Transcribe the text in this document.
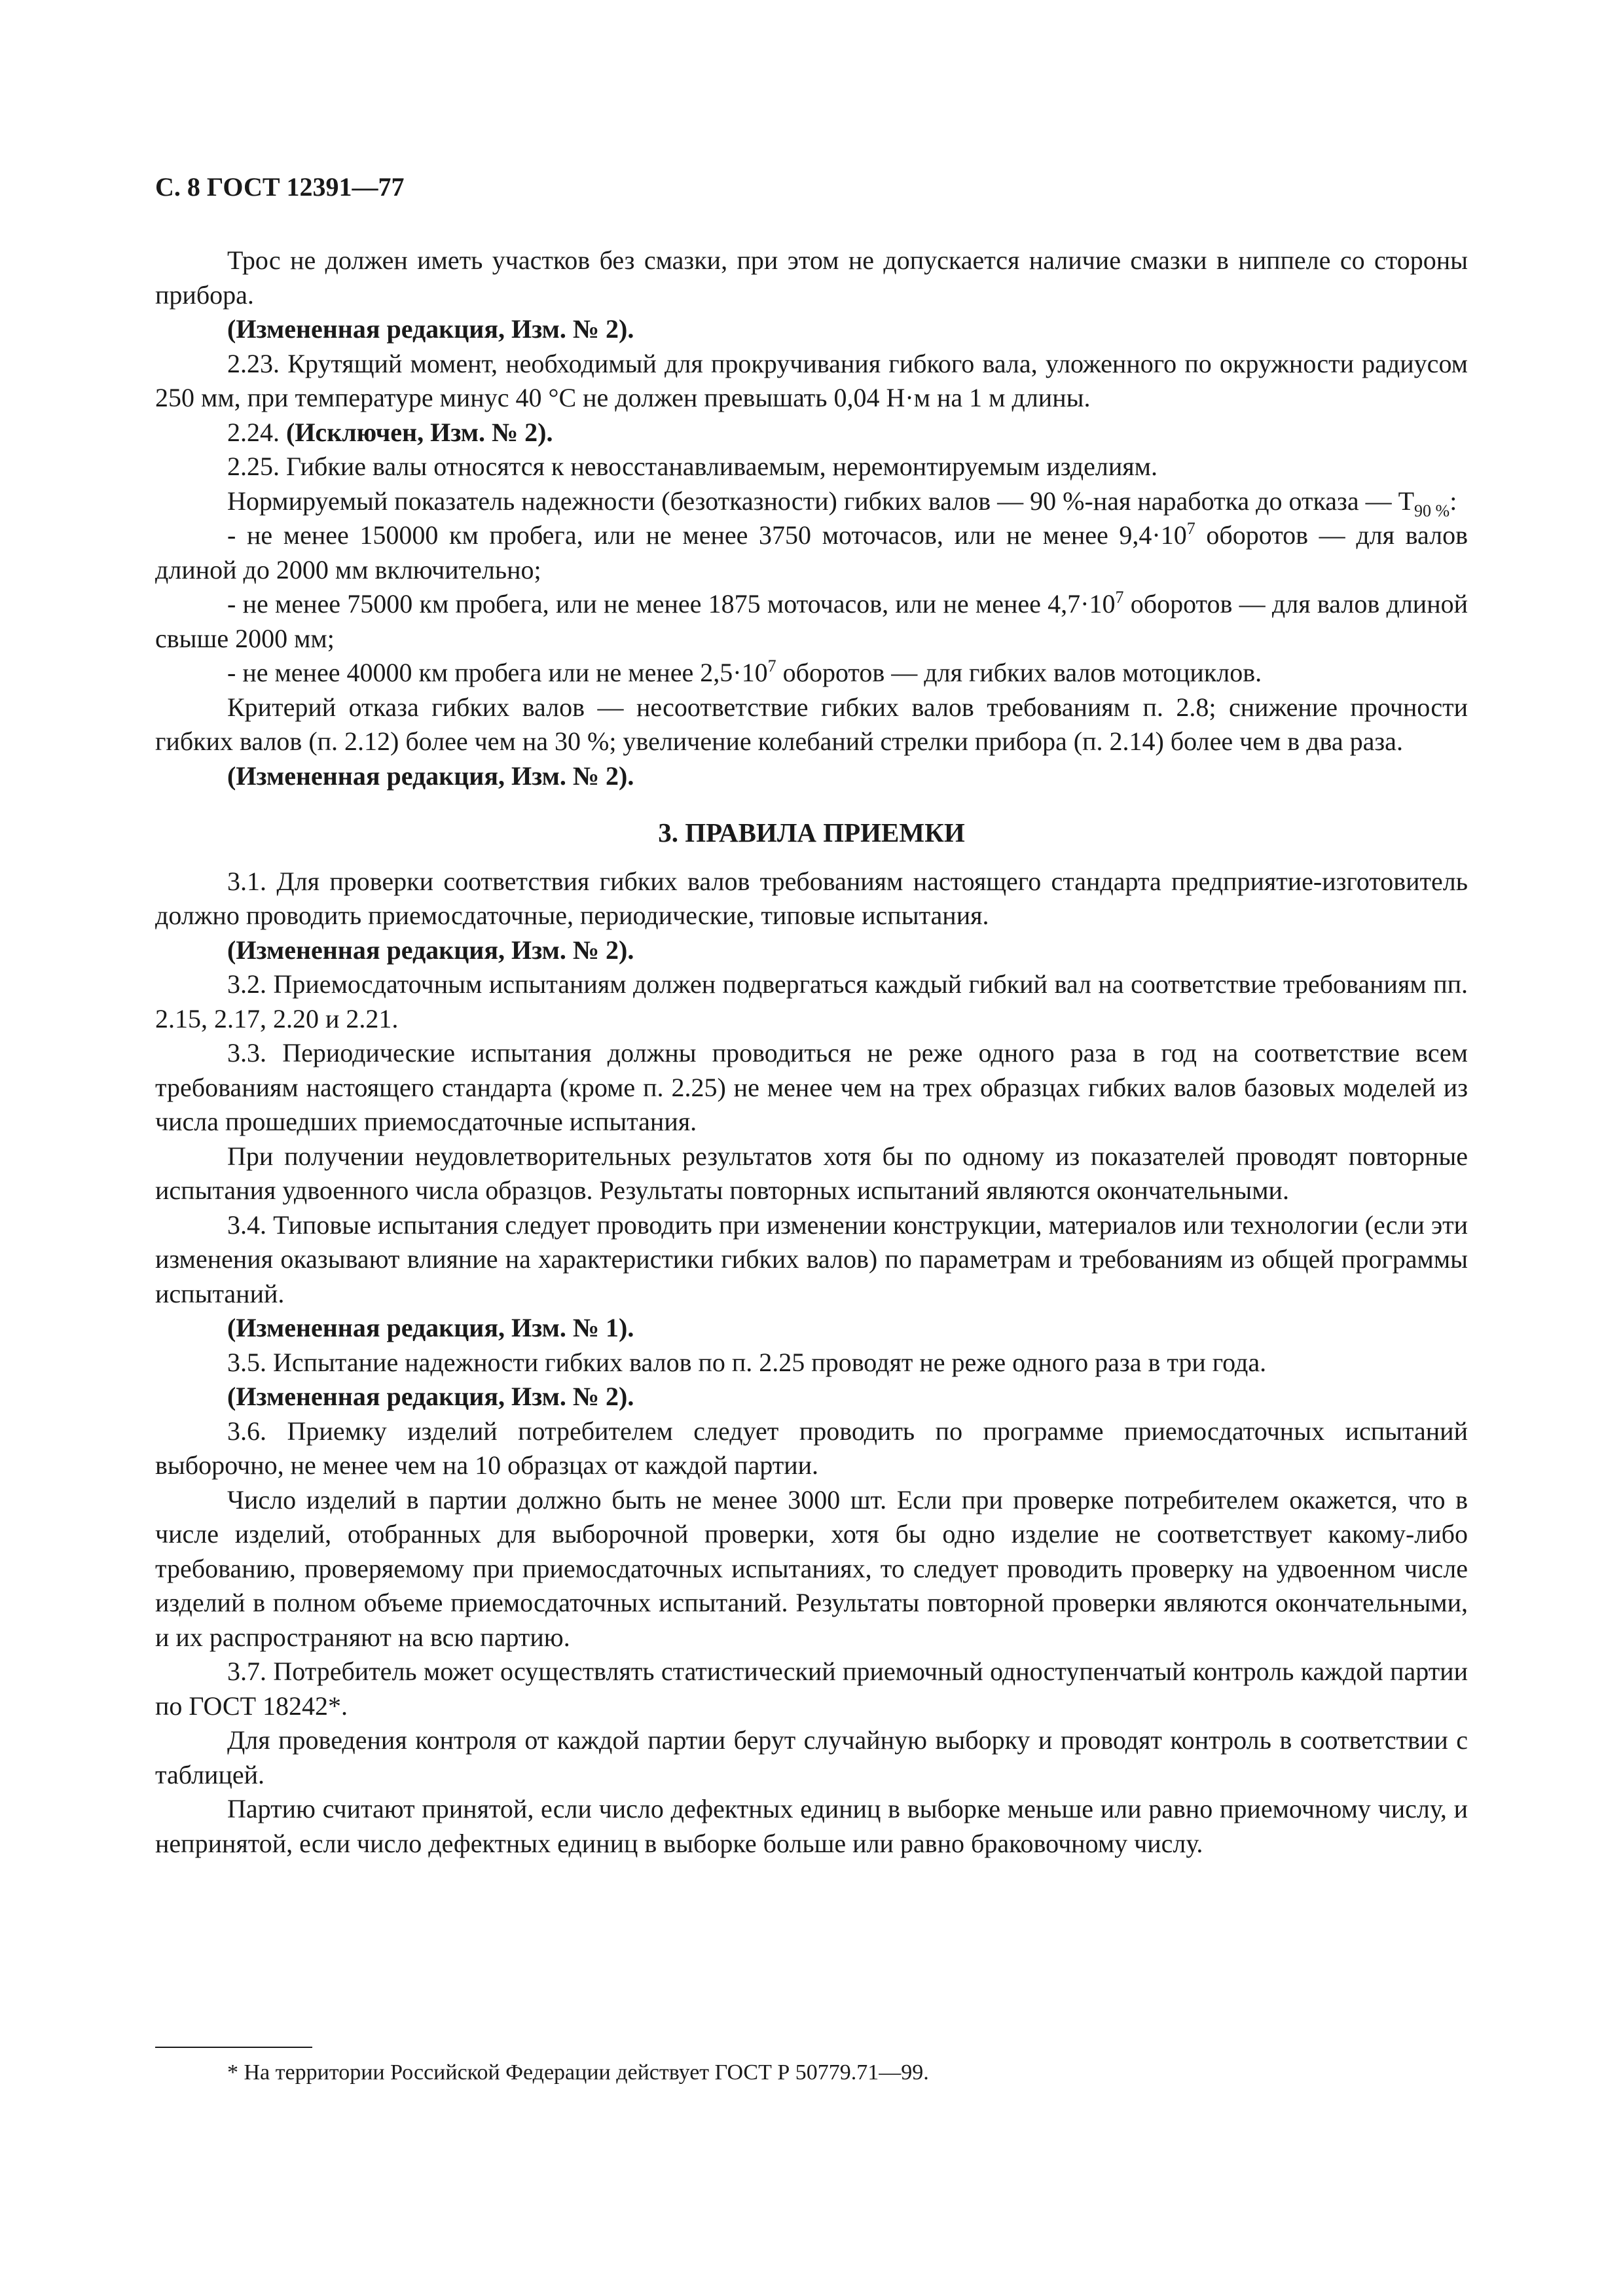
С. 8 ГОСТ 12391—77

Трос не должен иметь участков без смазки, при этом не допускается наличие смазки в ниппеле со стороны прибора.

(Измененная редакция, Изм. № 2).

2.23. Крутящий момент, необходимый для прокручивания гибкого вала, уложенного по окружности радиусом 250 мм, при температуре минус 40 °С не должен превышать 0,04 Н·м на 1 м длины.

2.24. (Исключен, Изм. № 2).

2.25. Гибкие валы относятся к невосстанавливаемым, неремонтируемым изделиям.

Нормируемый показатель надежности (безотказности) гибких валов — 90 %-ная наработка до отказа — $Т_{90 \%}$:

- не менее 150000 км пробега, или не менее 3750 моточасов, или не менее $9,4\cdot 10^7$ оборотов — для валов длиной до 2000 мм включительно;

- не менее 75000 км пробега, или не менее 1875 моточасов, или не менее $4,7\cdot 10^7$ оборотов — для валов длиной свыше 2000 мм;

- не менее 40000 км пробега или не менее $2,5\cdot 10^7$ оборотов — для гибких валов мотоциклов.

Критерий отказа гибких валов — несоответствие гибких валов требованиям п. 2.8; снижение прочности гибких валов (п. 2.12) более чем на 30 %; увеличение колебаний стрелки прибора (п. 2.14) более чем в два раза.

(Измененная редакция, Изм. № 2).

3. ПРАВИЛА ПРИЕМКИ

3.1. Для проверки соответствия гибких валов требованиям настоящего стандарта предприятие-изготовитель должно проводить приемосдаточные, периодические, типовые испытания.

(Измененная редакция, Изм. № 2).

3.2. Приемосдаточным испытаниям должен подвергаться каждый гибкий вал на соответствие требованиям пп. 2.15, 2.17, 2.20 и 2.21.

3.3. Периодические испытания должны проводиться не реже одного раза в год на соответствие всем требованиям настоящего стандарта (кроме п. 2.25) не менее чем на трех образцах гибких валов базовых моделей из числа прошедших приемосдаточные испытания.

При получении неудовлетворительных результатов хотя бы по одному из показателей проводят повторные испытания удвоенного числа образцов. Результаты повторных испытаний являются окончательными.

3.4. Типовые испытания следует проводить при изменении конструкции, материалов или технологии (если эти изменения оказывают влияние на характеристики гибких валов) по параметрам и требованиям из общей программы испытаний.

(Измененная редакция, Изм. № 1).

3.5. Испытание надежности гибких валов по п. 2.25 проводят не реже одного раза в три года.

(Измененная редакция, Изм. № 2).

3.6. Приемку изделий потребителем следует проводить по программе приемосдаточных испытаний выборочно, не менее чем на 10 образцах от каждой партии.

Число изделий в партии должно быть не менее 3000 шт. Если при проверке потребителем окажется, что в числе изделий, отобранных для выборочной проверки, хотя бы одно изделие не соответствует какому-либо требованию, проверяемому при приемосдаточных испытаниях, то следует проводить проверку на удвоенном числе изделий в полном объеме приемосдаточных испытаний. Результаты повторной проверки являются окончательными, и их распространяют на всю партию.

3.7. Потребитель может осуществлять статистический приемочный одноступенчатый контроль каждой партии по ГОСТ 18242*.

Для проведения контроля от каждой партии берут случайную выборку и проводят контроль в соответствии с таблицей.

Партию считают принятой, если число дефектных единиц в выборке меньше или равно приемочному числу, и непринятой, если число дефектных единиц в выборке больше или равно браковочному числу.

* На территории Российской Федерации действует ГОСТ Р 50779.71—99.
